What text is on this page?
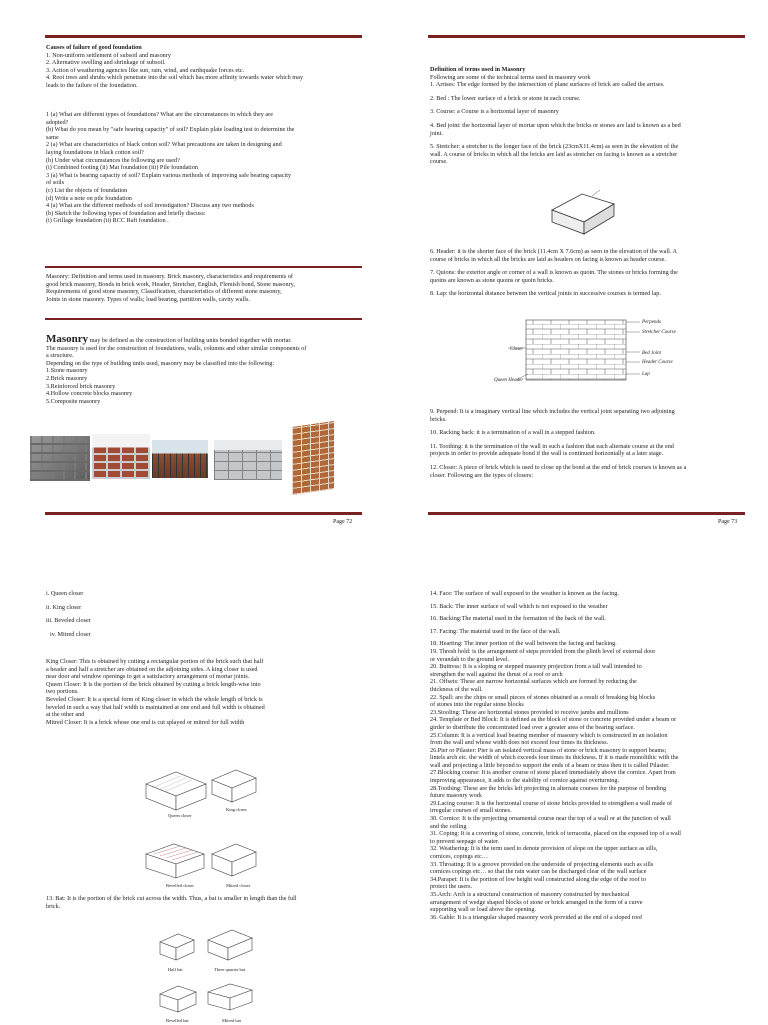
Causes of failure of good foundation
1. Non-uniform settlement of subsoil and masonry
2. Alternative swelling and shrinkage of subsoil.
3. Action of weathering agencies like sun, rain, wind, and earthquake forces etc.
4. Root trees and shrubs which penetrate into the soil which has more affinity towards water which may
leads to the failure of the foundation.
1 (a) What are different types of foundations? What are the circumstances in which they are
adopted?
(b) What do you mean by "safe bearing capacity" of soil? Explain plate loading test to determine the
same
2 (a) What are characteristics of black cotton soil? What precautions are taken in designing and
laying foundations in black cotton soil?
(b) Under what circumstances the following are used?
(i) Combined footing (ii) Mat foundation (iii) Pile foundation
3 (a) What is bearing capacity of soil? Explain various methods of improving safe bearing capacity
of soils
(c) List the objects of foundation
(d) Write a note on pile foundation
4 (a) What are the different methods of soil investigation? Discuss any two methods
(b) Sketch the following types of foundation and briefly discuss:
(i) Grillage foundation (ii) RCC Raft foundation .
Masonry: Definition and terms used in masonry. Brick masonry, characteristics and requirements of
good brick masonry, Bonds in brick work, Header, Stretcher, English, Flemish bond, Stone masonry,
Requirements of good stone masonry, Classification, characteristics of different stone masonry,
Joints in stone masonry. Types of walls; load bearing, partition walls, cavity walls.
Masonry may be defined as the construction of building units bonded together with mortar.
The masonry is used for the construction of foundations, walls, columns and other similar components of
a structure.
Depending on the type of building units used, masonry may be classified into the following:
1.Stone masonry
2.Brick masonry
3.Reinforced brick masonry
4.Hollow concrete blocks masonry
5.Composite masonry
Page 72
Definition of terms used in Masonry
Following are some of the technical terms used in masonry work
1. Arrises: The edge formed by the intersection of plane surfaces of brick are called the arrises.
2. Bed : The lower surface of a brick or stone in each course.
3. Course: a Course is a horizontal layer of masonry
4. Bed joint: the horizontal layer of mortar upon which the bricks or stones are laid is known as a bed
joint.
5. Stretcher: a stretcher is the longer face of the brick (23cmX11.4cm) as seen in the elevation of the
wall. A course of bricks in which all the bricks are laid as stretcher on facing is known as a stretcher
course.
6. Header: it is the shorter face of the brick (11.4cm X 7.6cm) as seen in the elevation of the wall. A
course of bricks in which all the bricks are laid as headers on facing is known as header course.
7. Quions: the exterior angle or corner of a wall is known as quoin. The stones or bricks forming the
quoins are known as stone quoins or quoin bricks.
8. Lap: the horizontal distance between the vertical joints in successive courses is termed lap.
Perpends
Stretcher Course
Closer
Bed Joint
Header Course
Lap
Queen Header
9. Perpend: It is a imaginary vertical line which includes the vertical joint separating two adjoining
bricks.
10. Racking back: it is a termination of a wall in a stepped fashion.
11. Toothing: it is the termination of the wall in such a fashion that each alternate course at the end
projects in order to provide adequate bond if the wall is continued horizontally at a later stage.
12. Closer: A piece of brick which is used to close up the bond at the end of brick courses is known as a
closer. Following are the types of closers:
Page 73
i. Queen closer
ii. King closer
iii. Beveled closer
iv. Mitred closer
King Closer: This is obtained by cutting a rectangular portion of the brick such that half
a header and half a stretcher are obtained on the adjoining sides. A king closer is used
near door and window openings to get a satisfactory arrangement of mortar joints.
Queen Closer: It is the portion of the brick obtained by cutting a brick length-wise into
two portions.
Beveled Closer: It is a special form of King closer in which the whole length of brick is
beveled in such a way that half width is maintained at one end and full width is obtained
at the other and
Mitred Closer: It is a brick whose one end is cut splayed or mitred for full width
Queen closer
King closer
Bevelled closer	Mitred closer
13. Bat: It is the portion of the brick cut across the width. Thus, a bat is smaller in length than the full
brick.
Half bat	Three quarter bat
Bevelled bat	Mitred bat
14. Face: The surface of wall exposed to the weather is known as the facing.
15. Back: The inner surface of wall which is not exposed to the weather
16. Backing:The material used in the formation of the back of the wall.
17. Facing: The material used in the face of the wall.
18. Hearting: The inner portion of the wall between the facing and backing.
19. Thresh hold: is the arrangement of steps provided from the plinth level of external door
or verandah to the ground level.
20. Buttress: It is a sloping or stepped masonry projection from a tall wall intended to
strengthen the wall against the thrust of a roof or arch
21. Offsets: These are narrow horizontal surfaces which are formed by reducing the
thickness of the wall.
22. Spall: are the chips or small pieces of stones obtained as a result of breaking big blocks
of stones into the regular stone blocks
23.Stooling: These are horizontal stones provided to receive jambs and mullions
24. Template or Bed Block: It is defined as the block of stone or concrete provided under a beam or
girder to distribute the concentrated load over a greater area of the bearing surface.
25.Column: It is a vertical load bearing member of masonry which is constructed in an isolation
from the wall and whose width does not exceed four times its thickness.
26.Pier or Pilaster: Pier is an isolated vertical mass of stone or brick masonry to support beams;
lintels arch etc. the width of which exceeds four times its thickness. If it is made monolithic with the
wall and projecting a little beyond to support the ends of a beam or truss then it is called Pilaster.
27.Blocking course: It is another course of stone placed immediately above the cornice. Apart from
improving appearance, it adds to the stability of cornice against overturning.
28.Toothing: These are the bricks left projecting in alternate courses for the purpose of bonding
future masonry work
29.Lacing course: It is the horizontal course of stone bricks provided to strengthen a wall made of
irregular courses of small stones.
30. Cornice: It is the projecting ornamental course near the top of a wall or at the junction of wall
and the ceiling
31. Coping: It is a covering of stone, concrete, brick of terracotta, placed on the exposed top of a wall
to prevent seepage of water.
32. Weathering: It is the term used to denote provision of slope on the upper surface as sills,
cornices, copings etc…
33. Throating: It is a groove provided on the underside of projecting elements such as sills
cornices copings etc… so that the rain water can be discharged clear of the wall surface
34.Parapet: It is the portion of low height wall constructed along the edge of the roof to
protect the users.
35.Arch: Arch is a structural construction of masonry constructed by mechanical
arrangement of wedge shaped blocks of stone or brick arranged in the form of a curve
supporting wall or load above the opening.
36. Gable: It is a triangular shaped masonry work provided at the end of a sloped roof
